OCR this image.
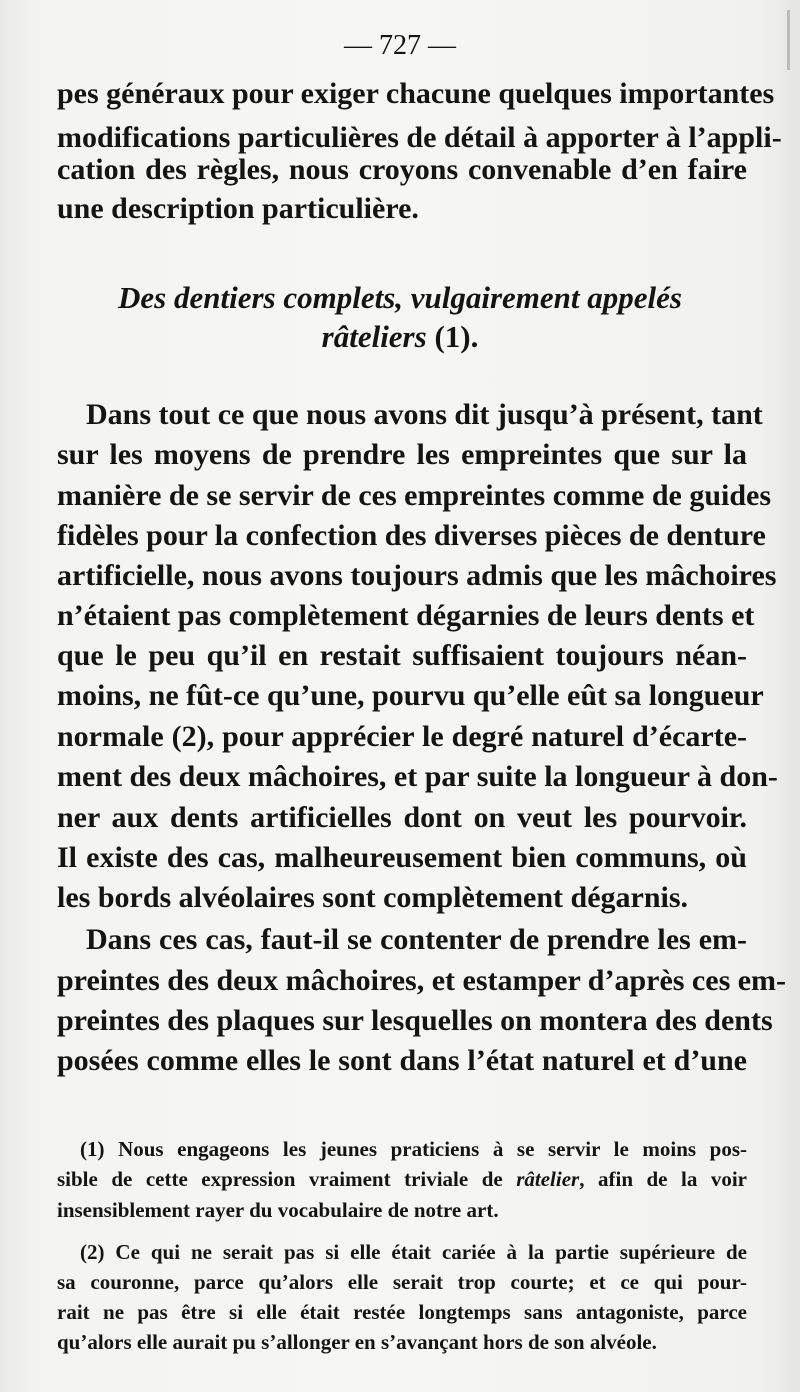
— 727 —
pes généraux pour exiger chacune quelques importantes
modifications particulières de détail à apporter à l’appli-
cation des règles, nous croyons convenable d’en faire
une description particulière.
Des dentiers complets, vulgairement appelés
râteliers (1).
Dans tout ce que nous avons dit jusqu’à présent, tant
sur les moyens de prendre les empreintes que sur la
manière de se servir de ces empreintes comme de guides
fidèles pour la confection des diverses pièces de denture
artificielle, nous avons toujours admis que les mâchoires
n’étaient pas complètement dégarnies de leurs dents et
que le peu qu’il en restait suffisaient toujours néan-
moins, ne fût-ce qu’une, pourvu qu’elle eût sa longueur
normale (2), pour apprécier le degré naturel d’écarte-
ment des deux mâchoires, et par suite la longueur à don-
ner aux dents artificielles dont on veut les pourvoir.
Il existe des cas, malheureusement bien communs, où
les bords alvéolaires sont complètement dégarnis.
Dans ces cas, faut-il se contenter de prendre les em-
preintes des deux mâchoires, et estamper d’après ces em-
preintes des plaques sur lesquelles on montera des dents
posées comme elles le sont dans l’état naturel et d’une
(1) Nous engageons les jeunes praticiens à se servir le moins pos-
sible de cette expression vraiment triviale de râtelier, afin de la voir
insensiblement rayer du vocabulaire de notre art.
(2) Ce qui ne serait pas si elle était cariée à la partie supérieure de
sa couronne, parce qu’alors elle serait trop courte; et ce qui pour-
rait ne pas être si elle était restée longtemps sans antagoniste, parce
qu’alors elle aurait pu s’allonger en s’avançant hors de son alvéole.
